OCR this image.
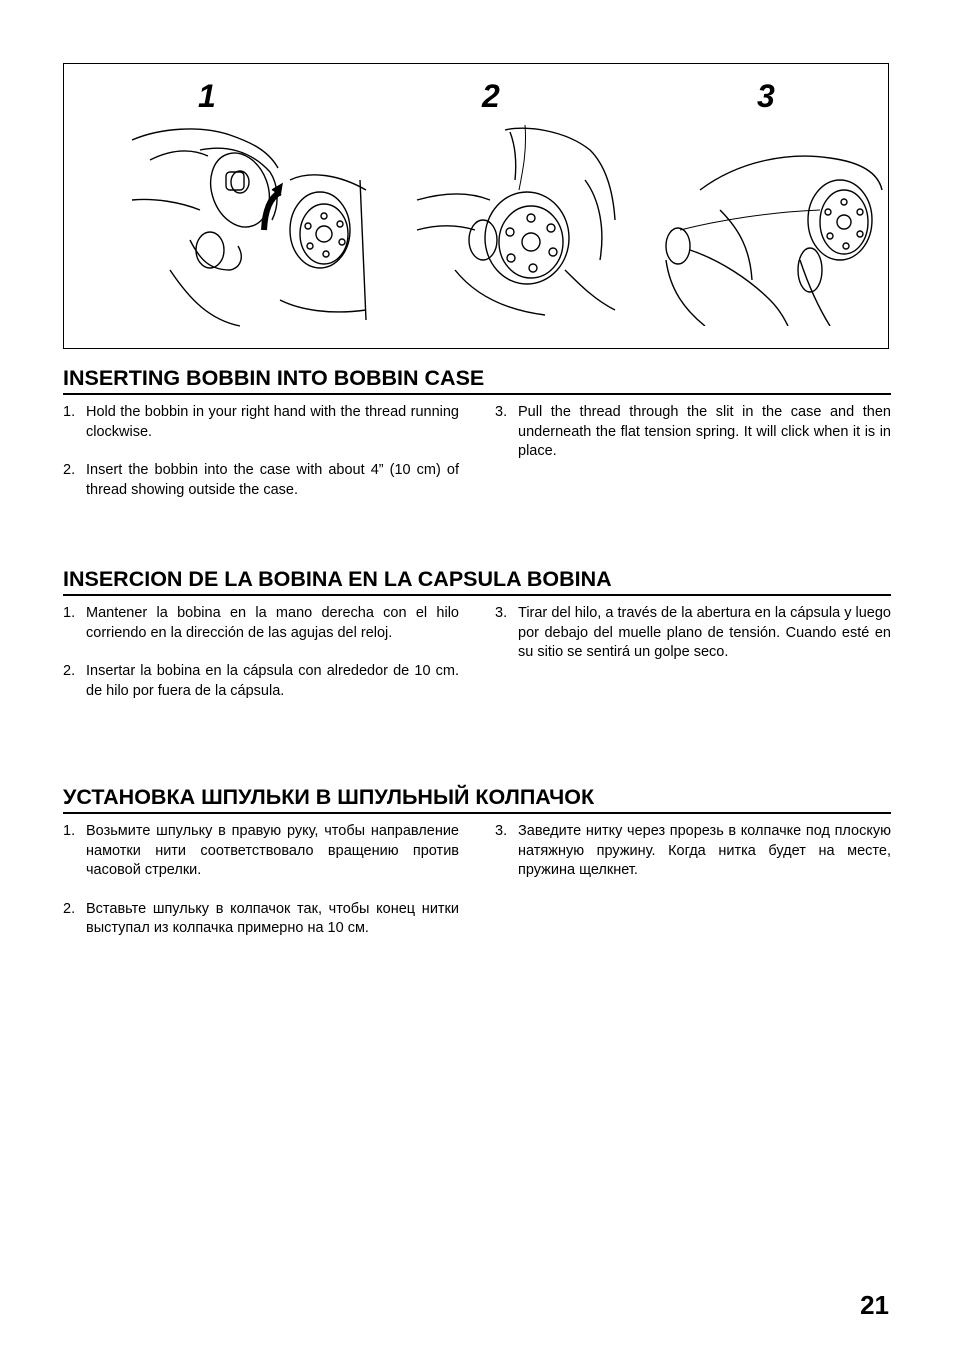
1	2	3
INSERTING BOBBIN INTO BOBBIN CASE
1. Hold the bobbin in your right hand with the thread running clockwise.
2. Insert the bobbin into the case with about 4” (10 cm) of thread showing outside the case.
3. Pull the thread through the slit in the case and then underneath the flat tension spring. It will click when it is in place.
INSERCION DE LA BOBINA EN LA CAPSULA BOBINA
1. Mantener la bobina en la mano derecha con el hilo corriendo en la dirección de las agujas del reloj.
2. Insertar la bobina en la cápsula con alrededor de 10 cm. de hilo por fuera de la cápsula.
3. Tirar del hilo, a través de la abertura en la cápsula y luego por debajo del muelle plano de tensión. Cuando esté en su sitio se sentirá un golpe seco.
УСТАНОВКА ШПУЛЬКИ В ШПУЛЬНЫЙ КОЛПАЧОК
1. Возьмите шпульку в правую руку, чтобы направление намотки нити соответствовало вращению против часовой стрелки.
2. Вставьте шпульку в колпачок так, чтобы конец нитки выступал из колпачка примерно на 10 см.
3. Заведите нитку через прорезь в колпачке под плоскую натяжную пружину. Когда нитка будет на месте, пружина щелкнет.
21
